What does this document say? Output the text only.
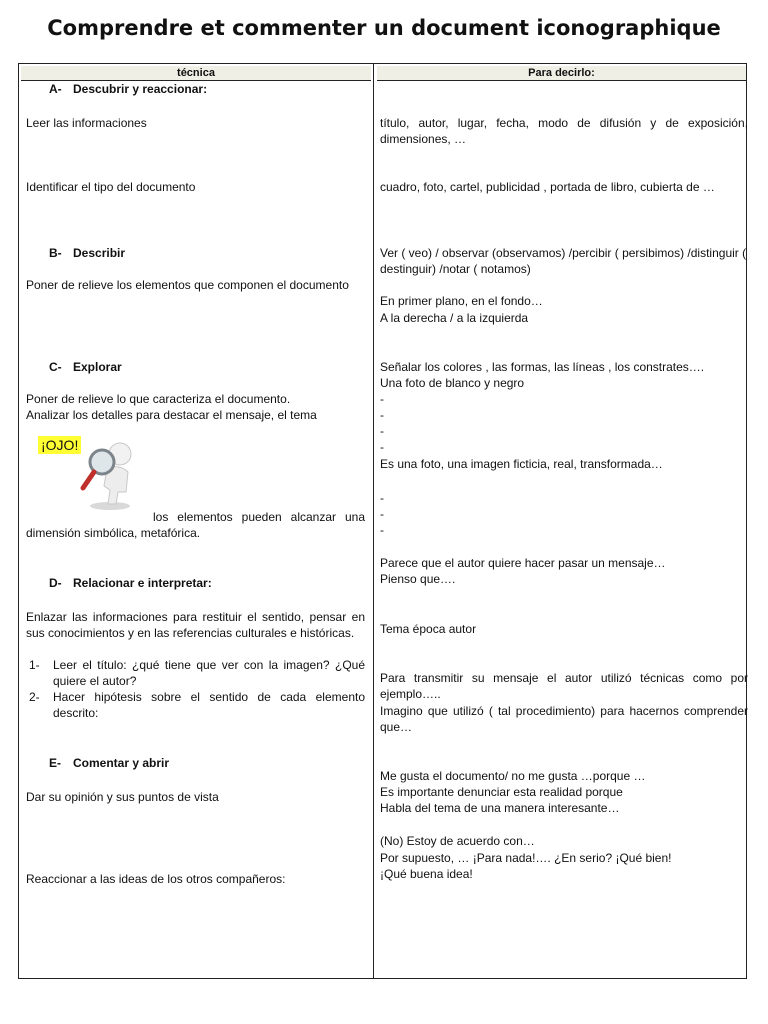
Comprendre et commenter un document iconographique
técnica	Para decirlo:
A- Descubrir y reaccionar:

Leer las informaciones

Identificar el tipo del documento

B- Describir

Poner de relieve los elementos que componen el documento

C- Explorar

Poner de relieve lo que caracteriza el documento.

Analizar los detalles para destacar el mensaje, el tema

¡OJO!

los elementos pueden alcanzar una dimensión simbólica, metafórica.

D- Relacionar e interpretar:

Enlazar las informaciones para restituir el sentido, pensar en sus conocimientos y en las referencias culturales e históricas.

1- Leer el título: ¿qué tiene que ver con la imagen? ¿Qué quiere el autor?
2- Hacer hipótesis sobre el sentido de cada elemento descrito:
E- Comentar y abrir

Dar su opinión y sus puntos de vista

Reaccionar a las ideas de los otros compañeros:

título, autor, lugar, fecha, modo de difusión y de exposición, dimensiones, …

cuadro, foto, cartel, publicidad , portada de libro, cubierta de …

Ver ( veo) / observar (observamos) /percibir ( persibimos) /distinguir ( destinguir) /notar ( notamos)

En primer plano, en el fondo…

A la derecha / a la izquierda

Señalar los colores , las formas, las líneas , los constrates….

Una foto de blanco y negro

-

-

-

-

Es una foto, una imagen ficticia, real, transformada…

-

-

-

Parece que el autor quiere hacer pasar un mensaje…

Pienso que….

Tema época autor

Para transmitir su mensaje el autor utilizó técnicas como por ejemplo…..

Imagino que utilizó ( tal procedimiento) para hacernos comprender que…

Me gusta el documento/ no me gusta …porque …

Es importante denunciar esta realidad porque

Habla del tema de una manera interesante…

(No) Estoy de acuerdo con…

Por supuesto, … ¡Para nada!…. ¿En serio? ¡Qué bien!

¡Qué buena idea!
